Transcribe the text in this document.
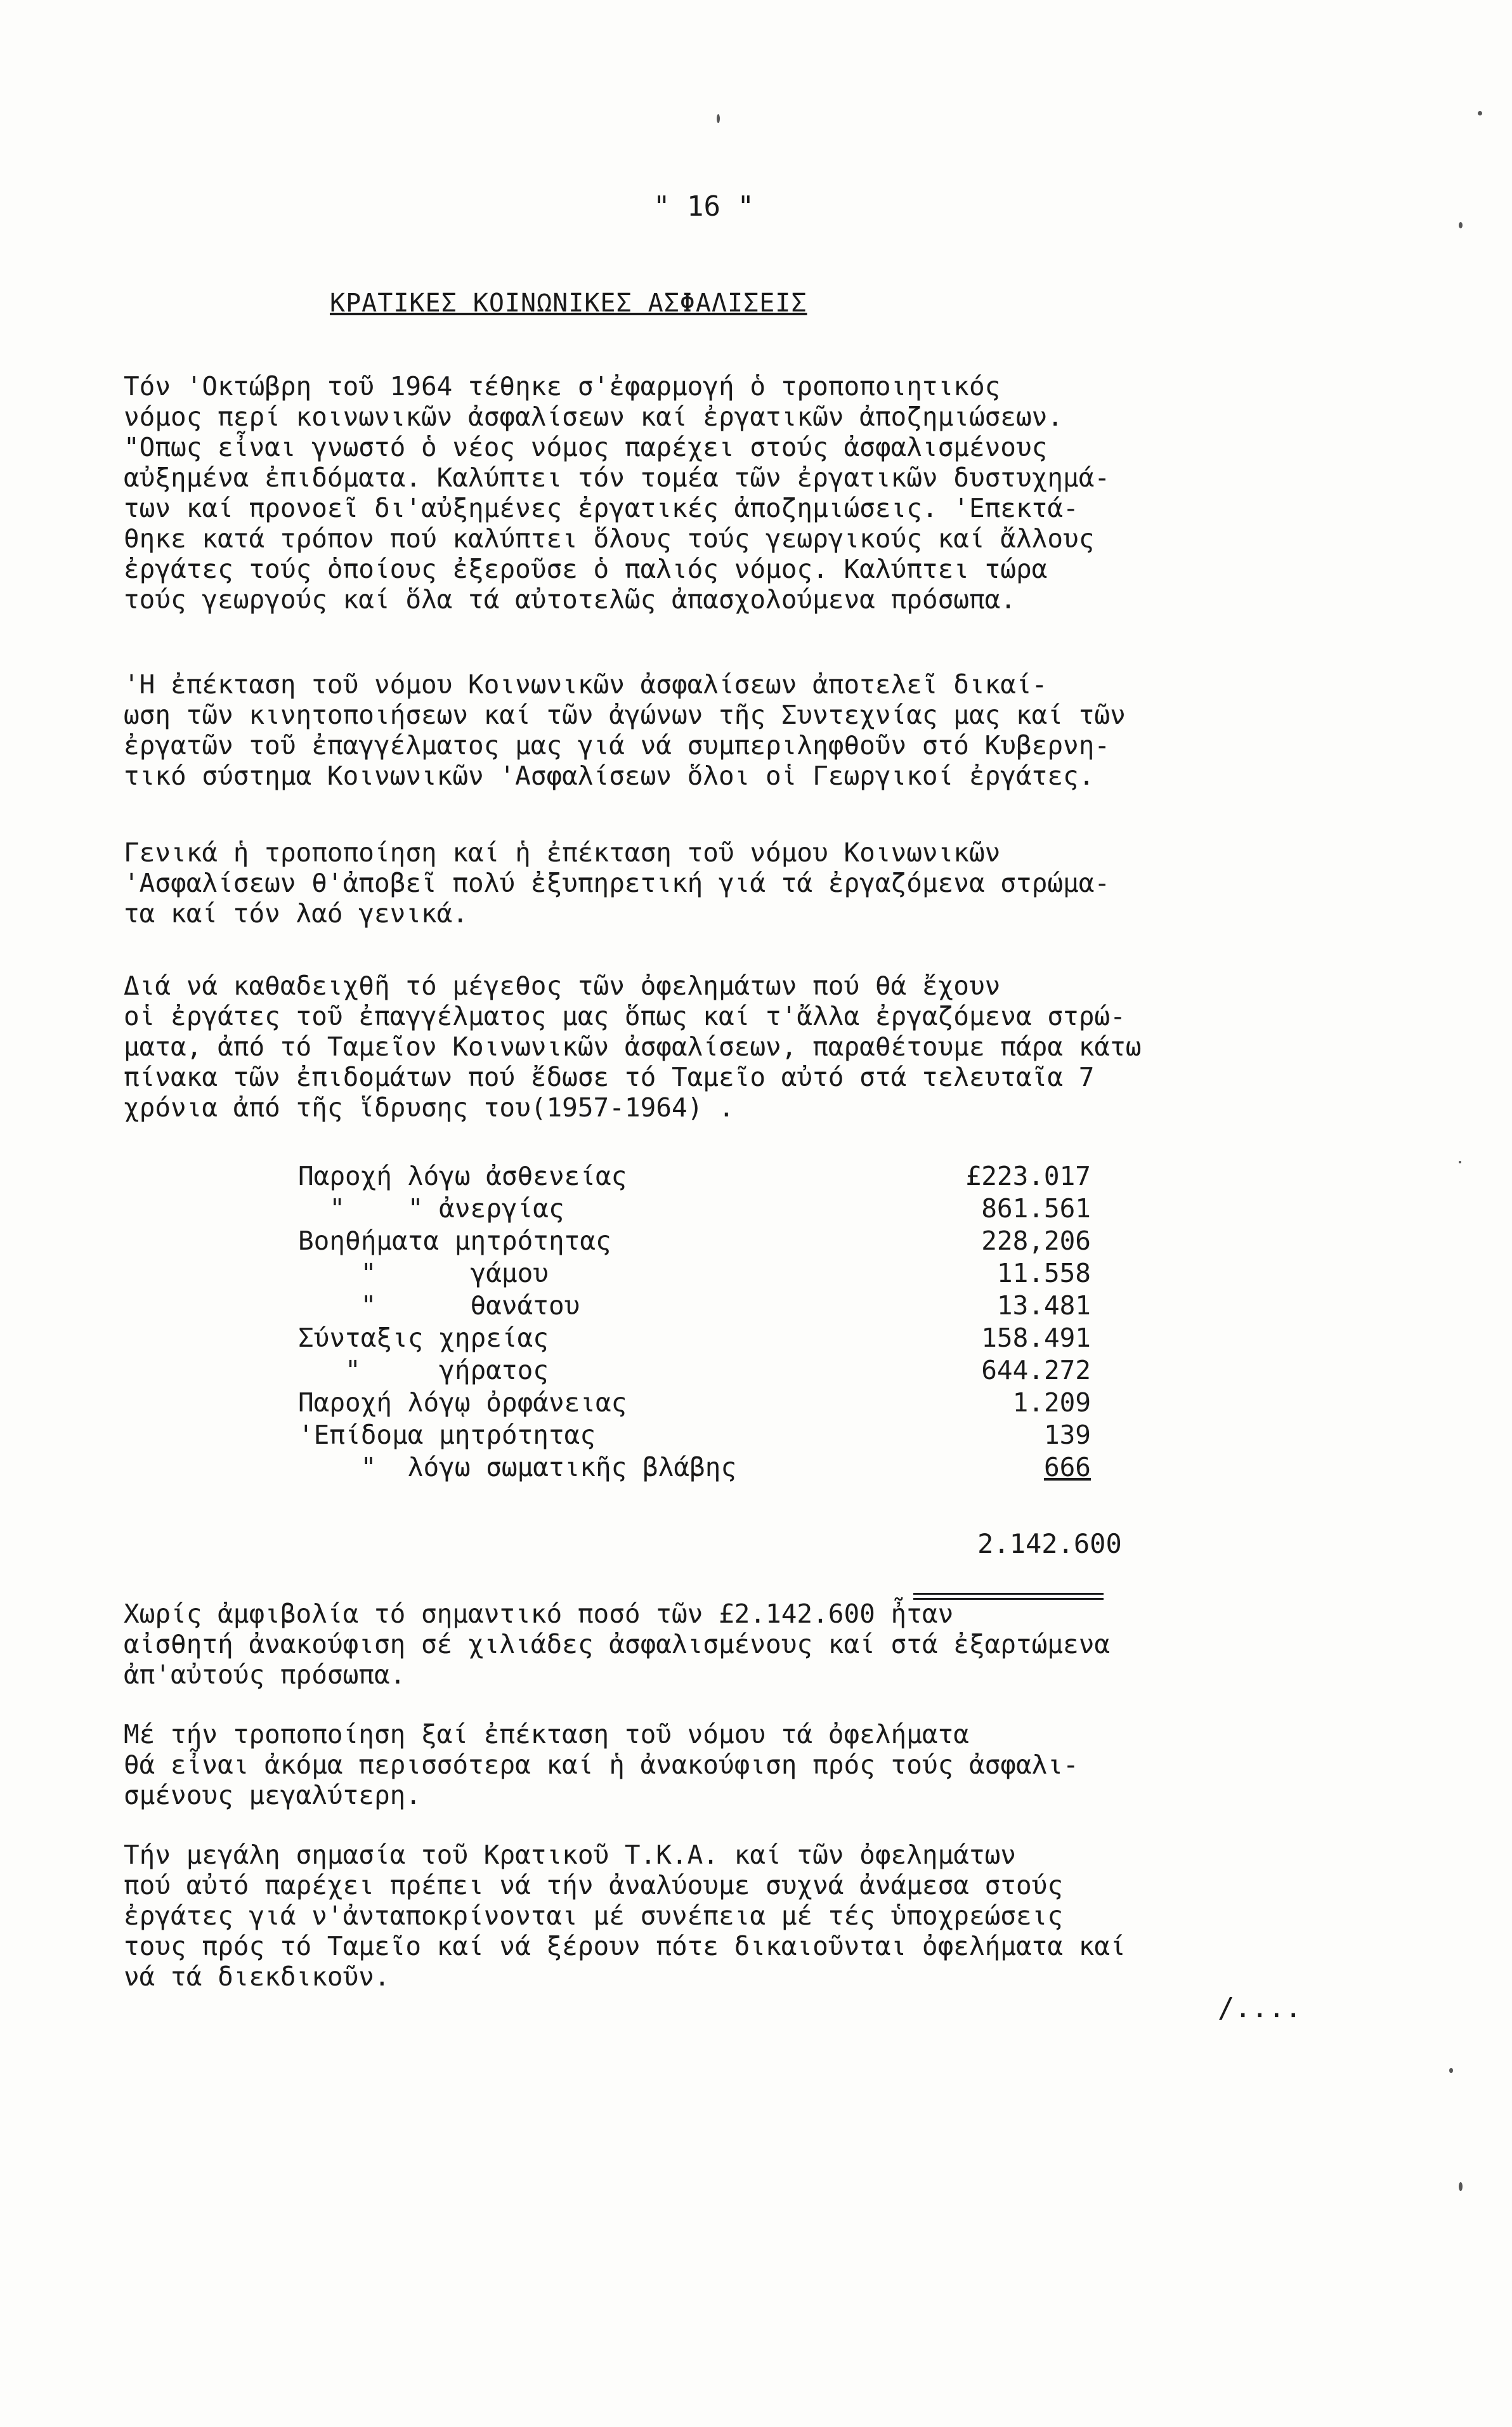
" 16 "
ΚΡΑΤΙΚΕΣ ΚΟΙΝΩΝΙΚΕΣ ΑΣΦΑΛΙΣΕΙΣ
Τόν 'Οκτώβρη τοῦ 1964 τέθηκε σ'ἐφαρμογή ὁ τροποποιητικός
νόμος περί κοινωνικῶν ἀσφαλίσεων καί ἐργατικῶν ἀποζημιώσεων.
"Οπως εἶναι γνωστό ὁ νέος νόμος παρέχει στούς ἀσφαλισμένους
αὐξημένα ἐπιδόματα. Καλύπτει τόν τομέα τῶν ἐργατικῶν δυστυχημά-
των καί προνοεῖ δι'αὐξημένες ἐργατικές ἀποζημιώσεις. 'Επεκτά-
θηκε κατά τρόπον πού καλύπτει ὅλους τούς γεωργικούς καί ἄλλους
ἐργάτες τούς ὁποίους ἐξεροῦσε ὁ παλιός νόμος. Καλύπτει τώρα
τούς γεωργούς καί ὅλα τά αὐτοτελῶς ἀπασχολούμενα πρόσωπα.
'Η ἐπέκταση τοῦ νόμου Κοινωνικῶν ἀσφαλίσεων ἀποτελεῖ δικαί-
ωση τῶν κινητοποιήσεων καί τῶν ἀγώνων τῆς Συντεχνίας μας καί τῶν
ἐργατῶν τοῦ ἐπαγγέλματος μας γιά νά συμπεριληφθοῦν στό Κυβερνη-
τικό σύστημα Κοινωνικῶν 'Ασφαλίσεων ὅλοι οἱ Γεωργικοί ἐργάτες.
Γενικά ἡ τροποποίηση καί ἡ ἐπέκταση τοῦ νόμου Κοινωνικῶν
'Ασφαλίσεων θ'ἀποβεῖ πολύ ἐξυπηρετική γιά τά ἐργαζόμενα στρώμα-
τα καί τόν λαό γενικά.
Διά νά καθαδειχθῆ τό μέγεθος τῶν ὀφελημάτων πού θά ἔχουν
οἱ ἐργάτες τοῦ ἐπαγγέλματος μας ὅπως καί τ'ἄλλα ἐργαζόμενα στρώ-
ματα, ἀπό τό Ταμεῖον Κοινωνικῶν ἀσφαλίσεων, παραθέτουμε πάρα κάτω
πίνακα τῶν ἐπιδομάτων πού ἔδωσε τό Ταμεῖο αὐτό στά τελευταῖα 7
χρόνια ἀπό τῆς ἵδρυσης του(1957-1964) .
Παροχή λόγω ἀσθενείας	£223.017
"    " ἀνεργίας	861.561
Βοηθήματα μητρότητας	228,206
"      γάμου	11.558
"      θανάτου	13.481
Σύνταξις χηρείας	158.491
"     γήρατος	644.272
Παροχή λόγῳ ὀρφάνειας	1.209
'Επίδομα μητρότητας	139
"  λόγω σωματικῆς βλάβης	666

2.142.600

Χωρίς ἀμφιβολία τό σημαντικό ποσό τῶν £2.142.600 ἦταν
αἰσθητή ἀνακούφιση σέ χιλιάδες ἀσφαλισμένους καί στά ἐξαρτώμενα
ἀπ'αὐτούς πρόσωπα.
Μέ τήν τροποποίηση ξαί ἐπέκταση τοῦ νόμου τά ὀφελήματα
θά εἶναι ἀκόμα περισσότερα καί ἡ ἀνακούφιση πρός τούς ἀσφαλι-
σμένους μεγαλύτερη.
Τήν μεγάλη σημασία τοῦ Κρατικοῦ Τ.Κ.Α. καί τῶν ὀφελημάτων
πού αὐτό παρέχει πρέπει νά τήν ἀναλύουμε συχνά ἀνάμεσα στούς
ἐργάτες γιά ν'ἀνταποκρίνονται μέ συνέπεια μέ τές ὑποχρεώσεις
τους πρός τό Ταμεῖο καί νά ξέρουν πότε δικαιοῦνται ὀφελήματα καί
νά τά διεκδικοῦν.
/....
